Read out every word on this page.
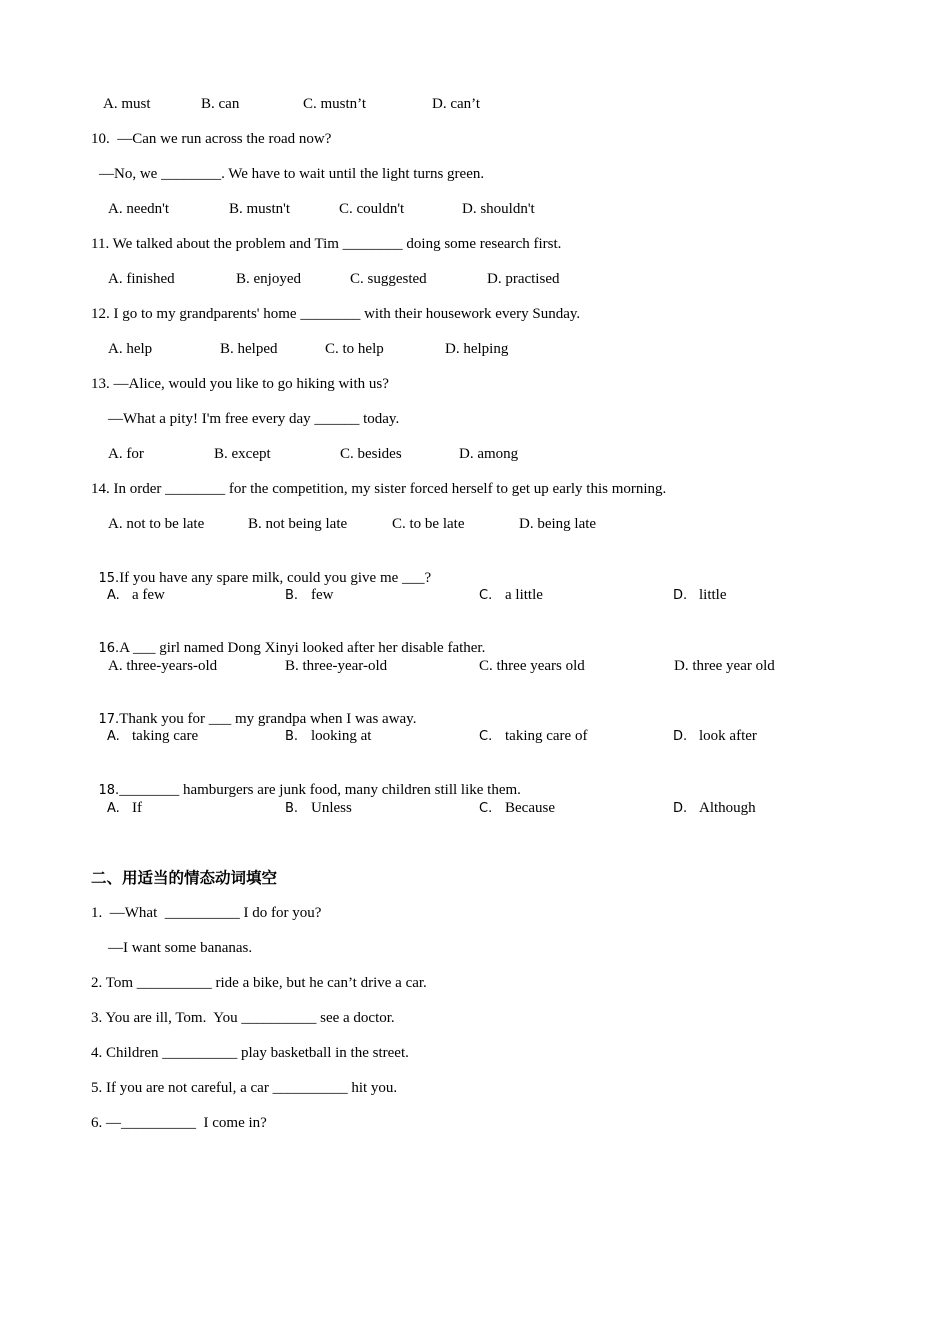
A. must	B. can	C. mustn’t	D. can’t
10.  —Can we run across the road now?
—No, we ________. We have to wait until the light turns green.
A. needn't	B. mustn't	C. couldn't	D. shouldn't
11. We talked about the problem and Tim ________ doing some research first.
A. finished	B. enjoyed	C. suggested	D. practised
12. I go to my grandparents' home ________ with their housework every Sunday.
A. help	B. helped	C. to help	D. helping
13. —Alice, would you like to go hiking with us?
—What a pity! I'm free every day ______ today.
A. for	B. except	C. besides	D. among
14. In order ________ for the competition, my sister forced herself to get up early this morning.
A. not to be late	B. not being late	C. to be late	D. being late

15.If you have any spare milk, could you give me ___?

A. a few	B. few	C. a little	D. little

16.A ___ girl named Dong Xinyi looked after her disable father.

A. three-years-old	B. three-year-old	C. three years old	D. three year old

17.Thank you for ___ my grandpa when I was away.

A. taking care	B. looking at	C. taking care of	D. look after

18.________ hamburgers are junk food, many children still like them.

A. If	B. Unless	C. Because	D. Although
二、用适当的情态动词填空
1.  —What  __________ I do for you?
—I want some bananas.
2. Tom __________ ride a bike, but he can’t drive a car.
3. You are ill, Tom.  You __________ see a doctor.
4. Children __________ play basketball in the street.
5. If you are not careful, a car __________ hit you.
6. —__________  I come in?
